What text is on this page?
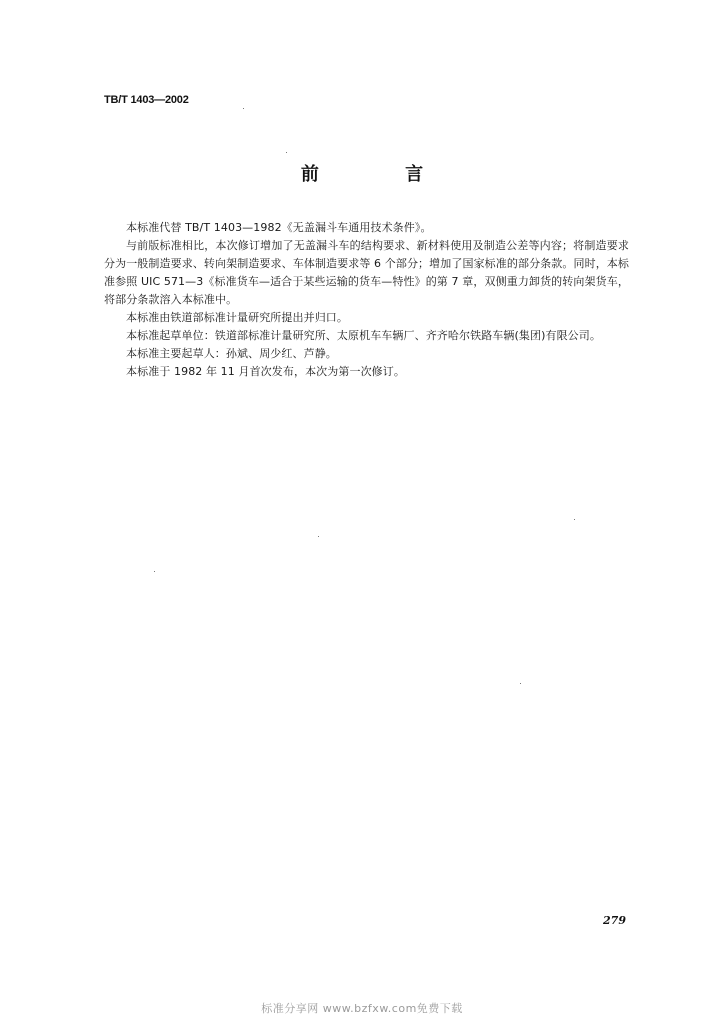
TB/T 1403—2002
前 言

本标准代替 TB/T 1403—1982《无盖漏斗车通用技术条件》。

与前版标准相比，本次修订增加了无盖漏斗车的结构要求、新材料使用及制造公差等内容；将制造要求分为一般制造要求、转向架制造要求、车体制造要求等 6 个部分；增加了国家标准的部分条款。同时，本标准参照 UIC 571—3《标准货车—适合于某些运输的货车—特性》的第 7 章，双侧重力卸货的转向架货车，将部分条款溶入本标准中。

本标准由铁道部标准计量研究所提出并归口。

本标准起草单位：铁道部标准计量研究所、太原机车车辆厂、齐齐哈尔铁路车辆(集团)有限公司。

本标准主要起草人：孙斌、周少红、芦静。

本标准于 1982 年 11 月首次发布，本次为第一次修订。

279
标准分享网 www.bzfxw.com免费下载
